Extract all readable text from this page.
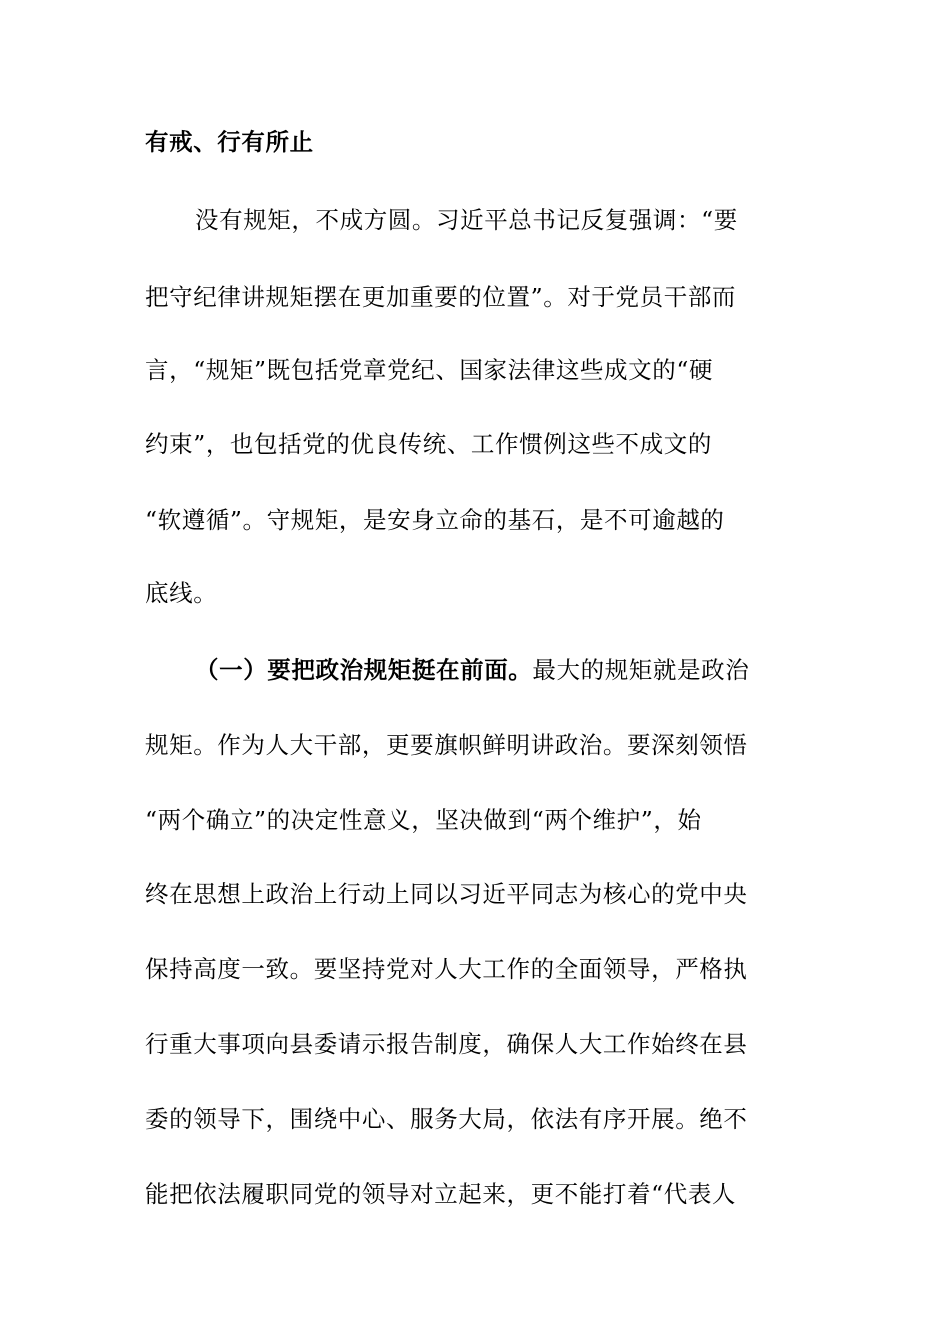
有戒、行有所止
没有规矩，不成方圆。习近平总书记反复强调：“要
把守纪律讲规矩摆在更加重要的位置”。对于党员干部而
言，“规矩”既包括党章党纪、国家法律这些成文的“硬
约束”，也包括党的优良传统、工作惯例这些不成文的
“软遵循”。守规矩，是安身立命的基石，是不可逾越的
底线。
（一）要把政治规矩挺在前面。最大的规矩就是政治
规矩。作为人大干部，更要旗帜鲜明讲政治。要深刻领悟
“两个确立”的决定性意义，坚决做到“两个维护”，始
终在思想上政治上行动上同以习近平同志为核心的党中央
保持高度一致。要坚持党对人大工作的全面领导，严格执
行重大事项向县委请示报告制度，确保人大工作始终在县
委的领导下，围绕中心、服务大局，依法有序开展。绝不
能把依法履职同党的领导对立起来，更不能打着“代表人
